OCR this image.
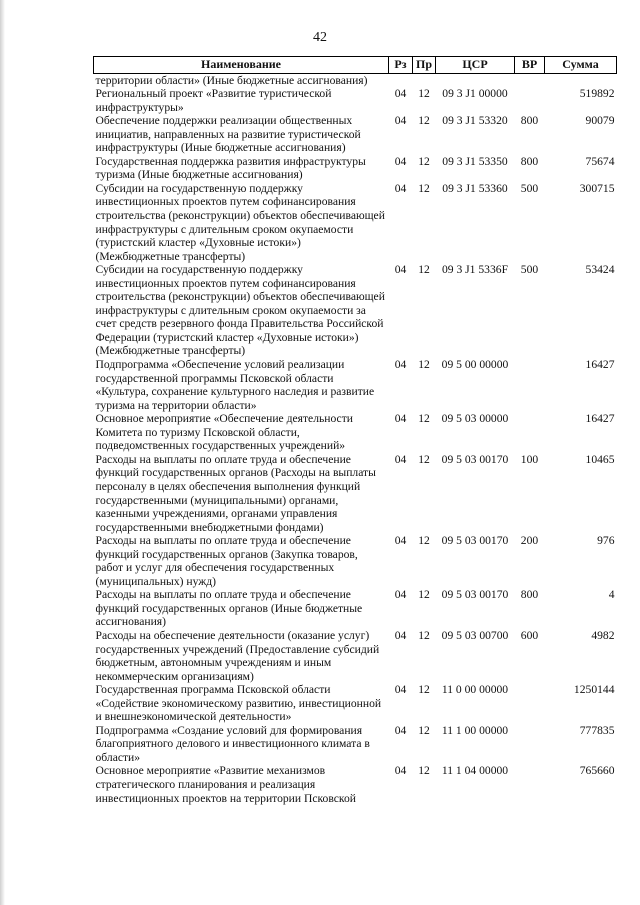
42
Наименование	Рз	Пр	ЦСР	ВР	Сумма
территории области» (Иные бюджетные ассигнования)					
Региональный проект «Развитие туристической инфраструктуры»	04	12	09 3 J1 00000		519892
Обеспечение поддержки реализации общественных инициатив, направленных на развитие туристической инфраструктуры (Иные бюджетные ассигнования)	04	12	09 3 J1 53320	800	90079
Государственная поддержка развития инфраструктуры туризма (Иные бюджетные ассигнования)	04	12	09 3 J1 53350	800	75674
Субсидии на государственную поддержку инвестиционных проектов путем софинансирования строительства (реконструкции) объектов обеспечивающей инфраструктуры с длительным сроком окупаемости (туристский кластер «Духовные истоки») (Межбюджетные трансферты)	04	12	09 3 J1 53360	500	300715
Субсидии на государственную поддержку инвестиционных проектов путем софинансирования строительства (реконструкции) объектов обеспечивающей инфраструктуры с длительным сроком окупаемости за счет средств резервного фонда Правительства Российской Федерации (туристский кластер «Духовные истоки») (Межбюджетные трансферты)	04	12	09 3 J1 5336F	500	53424
Подпрограмма «Обеспечение условий реализации государственной программы Псковской области «Культура, сохранение культурного наследия и развитие туризма на территории области»	04	12	09 5 00 00000		16427
Основное мероприятие «Обеспечение деятельности Комитета по туризму Псковской области, подведомственных государственных учреждений»	04	12	09 5 03 00000		16427
Расходы на выплаты по оплате труда и обеспечение функций государственных органов (Расходы на выплаты персоналу в целях обеспечения выполнения функций государственными (муниципальными) органами, казенными учреждениями, органами управления государственными внебюджетными фондами)	04	12	09 5 03 00170	100	10465
Расходы на выплаты по оплате труда и обеспечение функций государственных органов (Закупка товаров, работ и услуг для обеспечения государственных (муниципальных) нужд)	04	12	09 5 03 00170	200	976
Расходы на выплаты по оплате труда и обеспечение функций государственных органов (Иные бюджетные ассигнования)	04	12	09 5 03 00170	800	4
Расходы на обеспечение деятельности (оказание услуг) государственных учреждений (Предоставление субсидий бюджетным, автономным учреждениям и иным некоммерческим организациям)	04	12	09 5 03 00700	600	4982
Государственная программа Псковской области «Содействие экономическому развитию, инвестиционной и внешнеэкономической деятельности»	04	12	11 0 00 00000		1250144
Подпрограмма «Создание условий для формирования благоприятного делового и инвестиционного климата в области»	04	12	11 1 00 00000		777835
Основное мероприятие «Развитие механизмов стратегического планирования и реализация инвестиционных проектов на территории Псковской	04	12	11 1 04 00000		765660
